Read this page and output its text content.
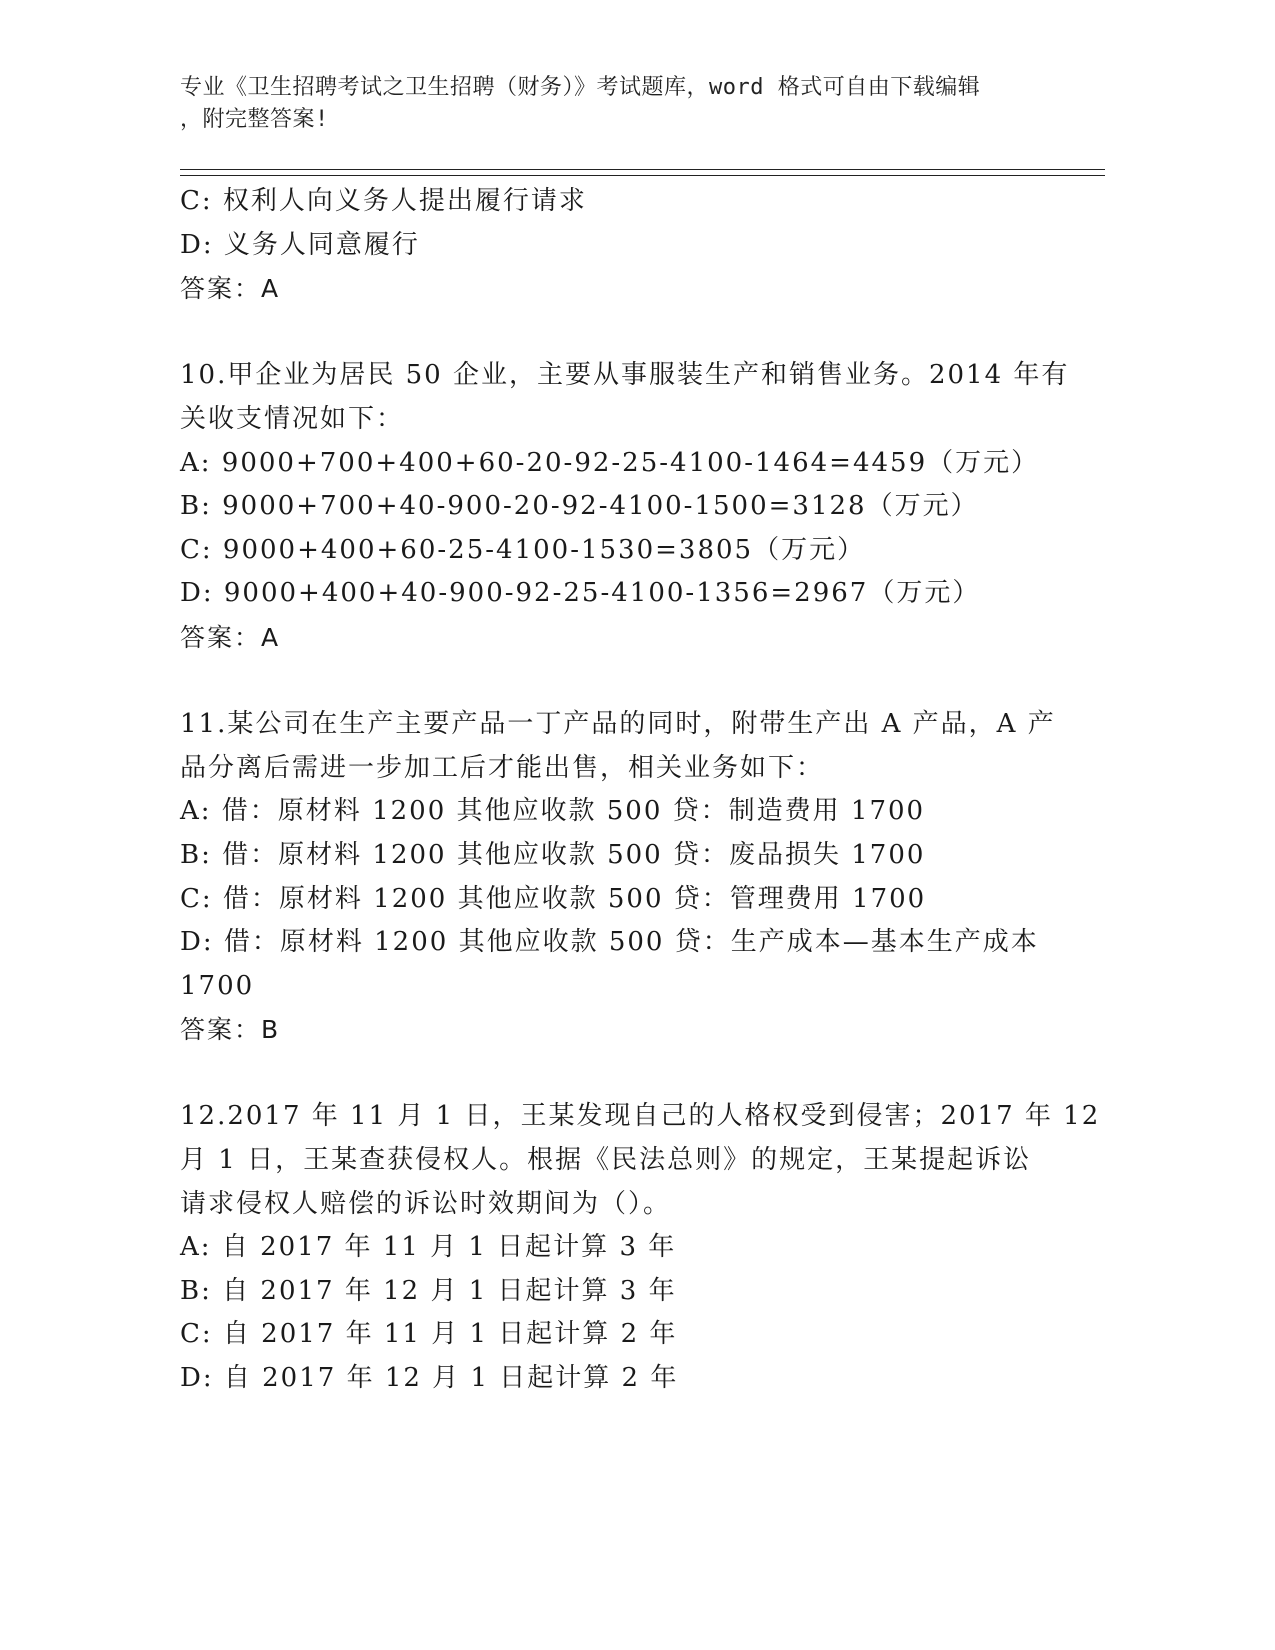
专业《卫生招聘考试之卫生招聘（财务）》考试题库，word 格式可自由下载编辑
，附完整答案!
C: 权利人向义务人提出履行请求
D: 义务人同意履行
答案：A
10.甲企业为居民 50 企业，主要从事服装生产和销售业务。2014 年有
关收支情况如下：
A: 9000+700+400+60-20-92-25-4100-1464=4459（万元）
B: 9000+700+40-900-20-92-4100-1500=3128（万元）
C: 9000+400+60-25-4100-1530=3805（万元）
D: 9000+400+40-900-92-25-4100-1356=2967（万元）
答案：A
11.某公司在生产主要产品一丁产品的同时，附带生产出 A 产品，A 产
品分离后需进一步加工后才能出售，相关业务如下：
A: 借：原材料 1200 其他应收款 500 贷：制造费用 1700
B: 借：原材料 1200 其他应收款 500 贷：废品损失 1700
C: 借：原材料 1200 其他应收款 500 贷：管理费用 1700
D: 借：原材料 1200 其他应收款 500 贷：生产成本—基本生产成本
1700
答案：B
12.2017 年 11 月 1 日，王某发现自己的人格权受到侵害；2017 年 12
月 1 日，王某查获侵权人。根据《民法总则》的规定，王某提起诉讼
请求侵权人赔偿的诉讼时效期间为（）。
A: 自 2017 年 11 月 1 日起计算 3 年
B: 自 2017 年 12 月 1 日起计算 3 年
C: 自 2017 年 11 月 1 日起计算 2 年
D: 自 2017 年 12 月 1 日起计算 2 年
